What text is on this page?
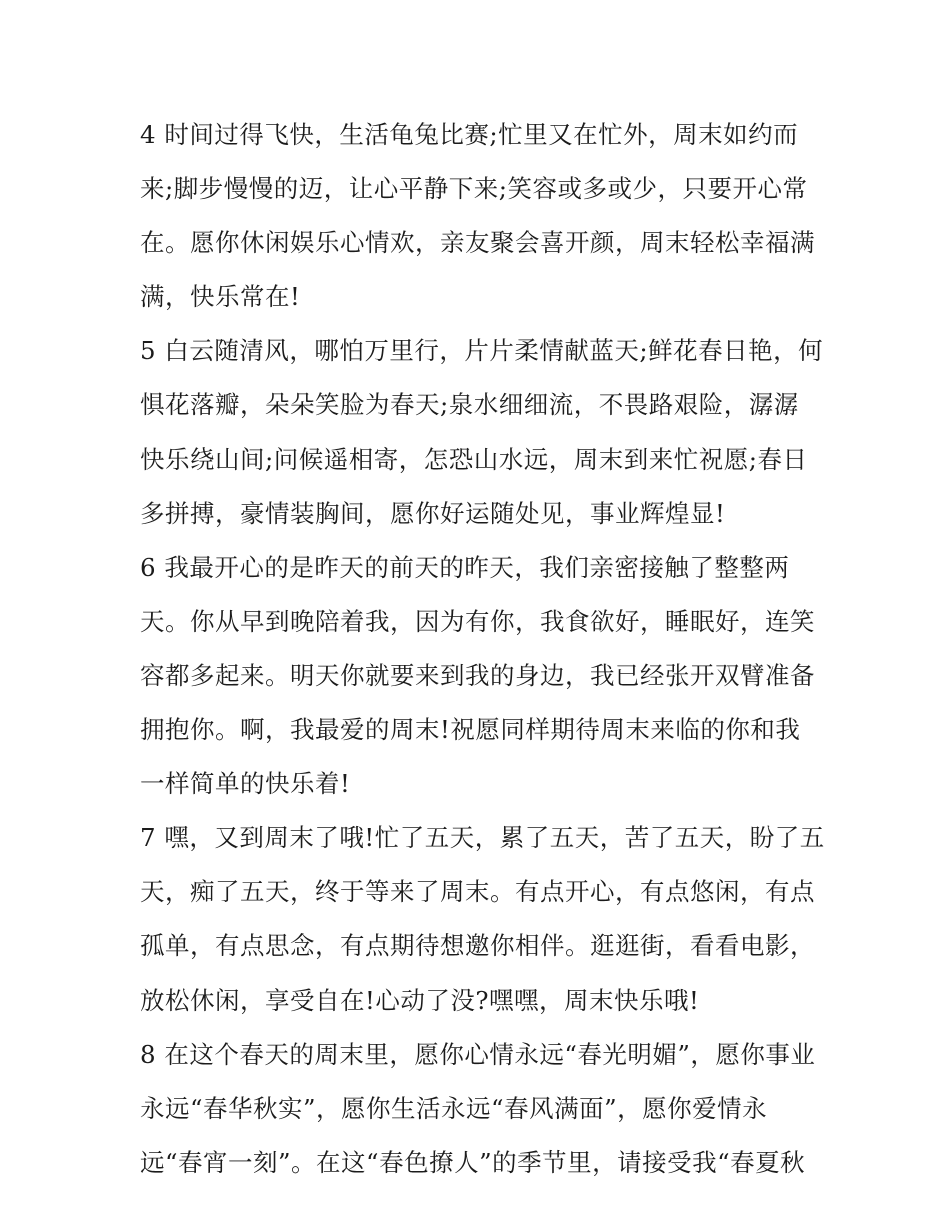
4 时间过得飞快，生活龟兔比赛;忙里又在忙外，周末如约而
来;脚步慢慢的迈，让心平静下来;笑容或多或少，只要开心常
在。愿你休闲娱乐心情欢，亲友聚会喜开颜，周末轻松幸福满
满，快乐常在!
5 白云随清风，哪怕万里行，片片柔情献蓝天;鲜花春日艳，何
惧花落瓣，朵朵笑脸为春天;泉水细细流，不畏路艰险，潺潺
快乐绕山间;问候遥相寄，怎恐山水远，周末到来忙祝愿;春日
多拼搏，豪情装胸间，愿你好运随处见，事业辉煌显!
6 我最开心的是昨天的前天的昨天，我们亲密接触了整整两
天。你从早到晚陪着我，因为有你，我食欲好，睡眠好，连笑
容都多起来。明天你就要来到我的身边，我已经张开双臂准备
拥抱你。啊，我最爱的周末!祝愿同样期待周末来临的你和我
一样简单的快乐着!
7 嘿，又到周末了哦!忙了五天，累了五天，苦了五天，盼了五
天，痴了五天，终于等来了周末。有点开心，有点悠闲，有点
孤单，有点思念，有点期待想邀你相伴。逛逛街，看看电影，
放松休闲，享受自在!心动了没?嘿嘿，周末快乐哦!
8 在这个春天的周末里，愿你心情永远“春光明媚”，愿你事业
永远“春华秋实”，愿你生活永远“春风满面”，愿你爱情永
远“春宵一刻”。在这“春色撩人”的季节里，请接受我“春夏秋
